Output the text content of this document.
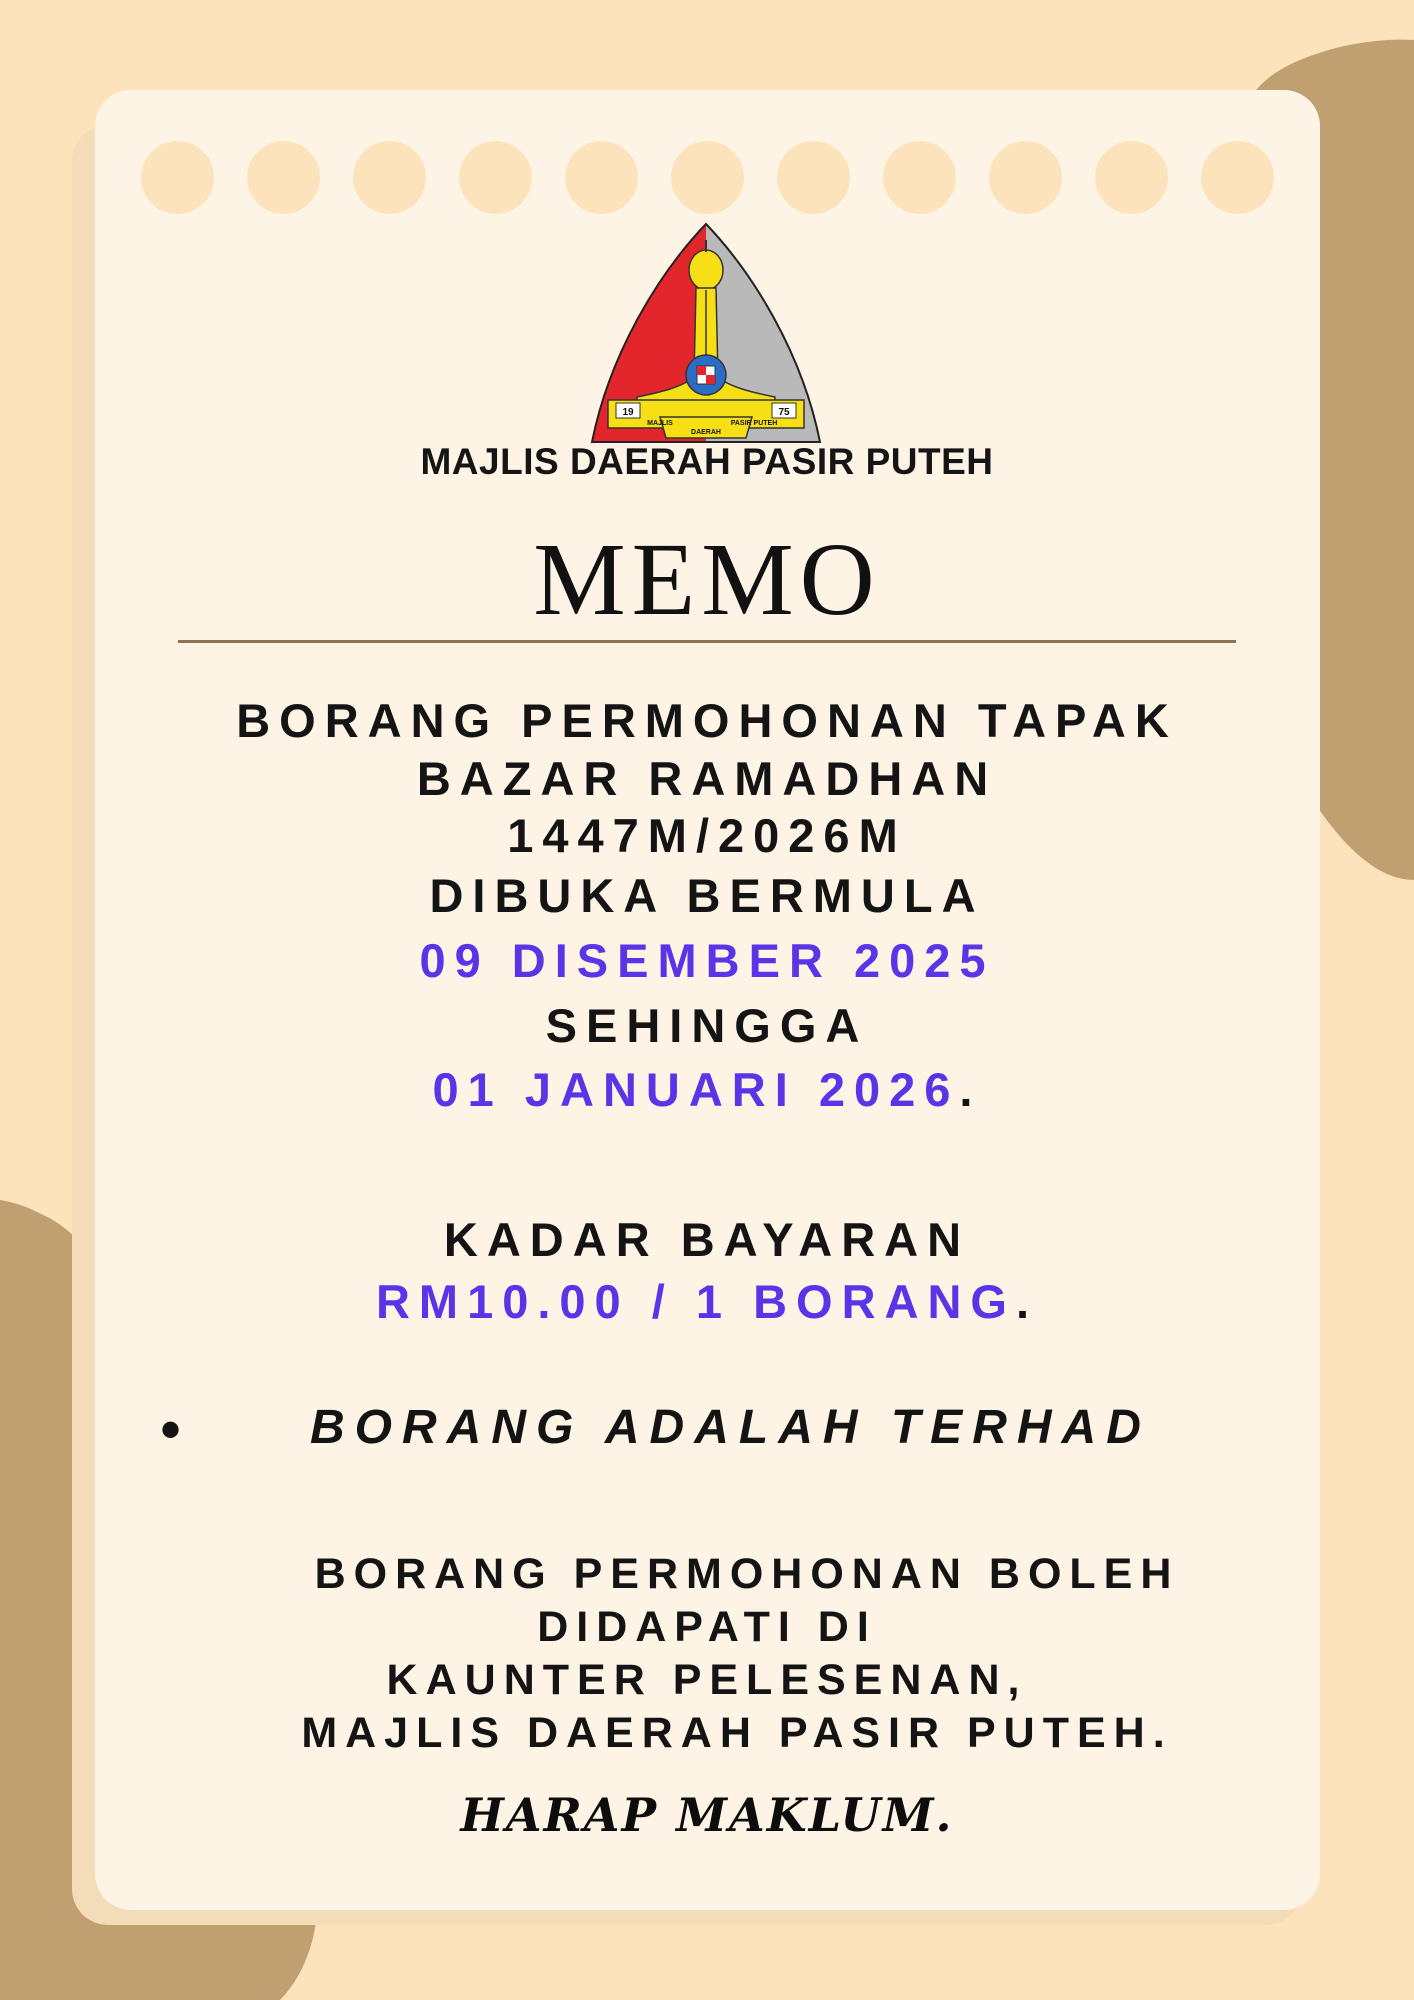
19	75
MAJLIS
DAERAH
PASIR PUTEH
MAJLIS DAERAH PASIR PUTEH
MEMO
BORANG PERMOHONAN TAPAK
BAZAR RAMADHAN
1447M/2026M
DIBUKA BERMULA
09 DISEMBER 2025
SEHINGGA
01 JANUARI 2026.
KADAR BAYARAN
RM10.00 / 1 BORANG.
•	BORANG ADALAH TERHAD
BORANG PERMOHONAN BOLEH
DIDAPATI DI
KAUNTER PELESENAN,
MAJLIS DAERAH PASIR PUTEH.
HARAP MAKLUM.
